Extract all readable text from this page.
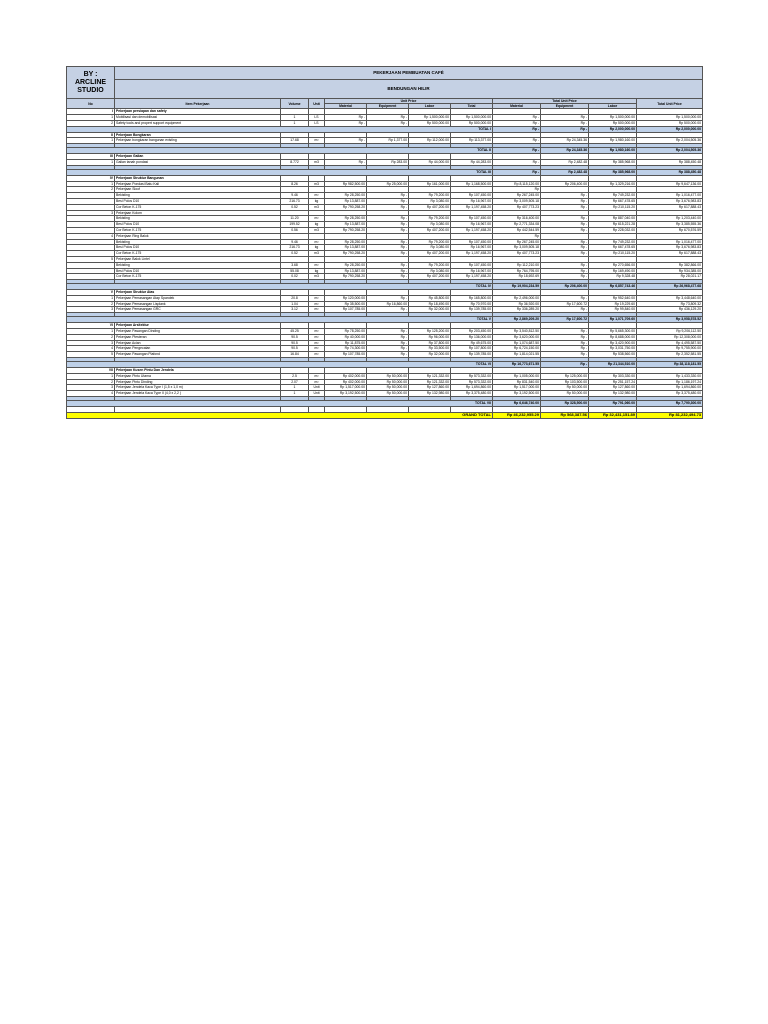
BY : ARCLINE STUDIO	PEKERJAAN PEMBUATAN CAFÉ										
	BENDUNGAN HILIR										
No	Item Pekerjaan	Volume	Unit	Unit Price				Total Unit Price			Total Unit Price
				Material	Equipment	Labor	Total	Material	Equipment	Labor	
I	Pekerjaan persiapan dan safety										
1	Mobilisasi dan demobilisasi	1	LS	Rp -	Rp -	Rp 1,500,000.00	Rp 1,500,000.00	Rp -	Rp -	Rp 1,500,000.00	Rp 1,500,000.00
2	Safety tools and propert support equipment	1	LS	Rp -	Rp -	Rp 500,000.00	Rp 500,000.00	Rp -	Rp -	Rp 500,000.00	Rp 500,000.00
TOTAL I								Rp -	Rp -	Rp 2,000,000.00	Rp 2,000,000.00
II	Pekerjaan Bongkaran										
1	Pekerjaan bongkaran bangunan existing	17.68	m²	Rp -	Rp 1,377.00	Rp 112,000.00	Rp 113,377.00	Rp -	Rp 24,345.36	Rp 1,980,160.00	Rp 2,004,505.36

TOTAL II								Rp -	Rp 24,345.36	Rp 1,980,160.00	Rp 2,004,505.36
III	Pekerjaan Galian										
1	Galian tanah pondasi	8.772	m3	Rp -	Rp 283.00	Rp 44,000.00	Rp 44,283.00	Rp -	Rp 2,482.48	Rp 385,968.00	Rp 388,450.48

TOTAL III								Rp -	Rp 2,482.48	Rp 385,968.00	Rp 388,450.48
IV	Pekerjaan Struktur Bangunan										
1	Pekerjaan Pondasi Batu Kali	8.26	m3	Rp 982,500.00	Rp 25,000.00	Rp 161,000.00	Rp 1,168,500.00	Rp 8,115,120.00	Rp 206,400.00	Rp 1,329,216.00	Rp 9,647,136.00
2	Pekerjaan Sloof							Rp			
	Bekisting	9.46	m²	Rp 28,250.00	Rp -	Rp 79,200.00	Rp 107,450.00	Rp 267,245.00	Rp -	Rp 749,232.00	Rp 1,016,477.00
	Besi Polos D10	216.73	kg	Rp 13,887.00	Rp -	Rp 3,080.00	Rp 16,967.00	Rp 3,009,505.18	Rp -	Rp 667,478.65	Rp 3,676,983.83
	Cor Beton K-175	0.52	m3	Rp 790,258.20	Rp -	Rp 407,200.00	Rp 1,197,458.20	Rp 407,773.23	Rp -	Rp 210,115.20	Rp 617,888.43
3	Pekerjaan Kolom										
	Bekisting	11.20	m²	Rp 28,250.00	Rp -	Rp 79,200.00	Rp 107,450.00	Rp 316,400.00	Rp -	Rp 887,040.00	Rp 1,203,440.00
	Besi Polos D10	199.52	kg	Rp 13,887.00	Rp -	Rp 3,080.00	Rp 16,967.00	Rp 2,771,334.08	Rp -	Rp 615,221.28	Rp 3,385,555.36
	Cor Beton K-175	0.56	m3	Rp 790,258.20	Rp -	Rp 407,200.00	Rp 1,197,458.20	Rp 442,544.59	Rp -	Rp 228,032.00	Rp 670,576.59
4	Pekerjaan Ring Balok							Rp			
	Bekisting	9.46	m²	Rp 28,250.00	Rp -	Rp 79,200.00	Rp 107,450.00	Rp 267,245.00	Rp -	Rp 749,232.00	Rp 1,016,477.00
	Besi Polos D10	216.73	kg	Rp 13,887.00	Rp -	Rp 3,080.00	Rp 16,967.00	Rp 3,009,505.18	Rp -	Rp 667,478.65	Rp 3,676,983.83
	Cor Beton K-175	0.52	m3	Rp 790,258.20	Rp -	Rp 407,200.00	Rp 1,197,458.20	Rp 407,773.23	Rp -	Rp 210,115.20	Rp 617,888.43
5	Pekerjaan Balok Lintel										
	Bekisting	3.68	m²	Rp 28,250.00	Rp -	Rp 79,200.00	Rp 107,450.00	Rp 112,210.00	Rp -	Rp 270,656.00	Rp 382,866.00
	Besi Polos D10	55.08	kg	Rp 13,887.00	Rp -	Rp 3,080.00	Rp 16,967.00	Rp 764,795.00	Rp -	Rp 169,490.00	Rp 934,385.00
	Cor Beton K-175	0.02	m3	Rp 790,258.20	Rp -	Rp 407,200.00	Rp 1,197,458.20	Rp 18,692.69	Rp -	Rp 9,328.48	Rp 28,021.17

TOTAL IV								Rp 19,904,234.59	Rp 206,400.00	Rp 6,857,743.46	Rp 26,968,477.68
V	Pekerjaan Struktur Atas										
1	Pekerjaan Pemasangan Atap Spandek	20.8	m²	Rp 120,000.00	Rp -	Rp 45,800.00	Rp 165,800.00	Rp 2,496,000.00	Rp -	Rp 952,640.00	Rp 3,448,640.00
2	Pekerjaan Pemasangan Lisplank	1.04	m²	Rp 35,500.00	Rp 16,860.00	Rp 18,490.00	Rp 70,970.00	Rp 36,920.00	Rp 17,600.72	Rp 19,229.60	Rp 73,809.32
3	Pekerjaan Pemasangan GRC	3.12	m²	Rp 107,785.00	Rp -	Rp 32,000.00	Rp 139,785.00	Rp 336,289.20	Rp -	Rp 99,840.00	Rp 436,129.20

TOTAL V								Rp 2,869,209.20	Rp 17,600.72	Rp 1,071,709.60	Rp 3,958,578.52
VI	Pekerjaan Arsitektur										
1	Pekerjaan Pasangan Dinding	45.25	m²	Rp 78,250.00	Rp -	Rp 125,200.00	Rp 203,450.00	Rp 3,540,812.50	Rp -	Rp 5,665,300.00	Rp 9,206,112.50
2	Pekerjaan Plesteran	90.5	m²	Rp 40,000.00	Rp -	Rp 96,000.00	Rp 136,000.00	Rp 3,620,000.00	Rp -	Rp 8,688,000.00	Rp 12,308,000.00
3	Pekerjaan Acian	90.5	m²	Rp 11,875.00	Rp -	Rp 37,800.00	Rp 49,675.00	Rp 1,074,687.50	Rp -	Rp 3,420,900.00	Rp 4,495,587.50
4	Pekerjaan Pengecatan	90.5	m²	Rp 74,300.00	Rp -	Rp 33,500.00	Rp 107,800.00	Rp 6,724,150.00	Rp -	Rp 3,031,750.00	Rp 9,755,900.00
5	Pekerjaan Pasangan Plafond	16.84	m²	Rp 107,785.00	Rp -	Rp 32,000.00	Rp 139,785.00	Rp 1,814,021.55	Rp -	Rp 538,560.00	Rp 2,352,581.55

TOTAL VI								Rp 16,773,671.55	Rp -	Rp 21,344,510.00	Rp 38,118,181.55
VII	Pekerjaan Kusen Pintu Dan Jendela										
1	Pekerjaan Pintu Utama	2.5	m²	Rp 402,000.00	Rp 50,000.00	Rp 121,332.00	Rp 573,332.00	Rp 1,005,000.00	Rp 125,000.00	Rp 303,330.00	Rp 1,433,330.00
2	Pekerjaan Pintu Dinding	2.07	m²	Rp 402,000.00	Rp 50,000.00	Rp 121,332.00	Rp 573,332.00	Rp 831,540.00	Rp 103,500.00	Rp 251,157.24	Rp 1,186,197.24
3	Pekerjaan Jendela Kaca Type I (1,5 x 1,0 m)	1	Unit	Rp 1,517,000.00	Rp 50,000.00	Rp 127,860.00	Rp 1,694,860.00	Rp 1,517,000.00	Rp 50,000.00	Rp 127,860.00	Rp 1,694,860.00
4	Pekerjaan Jendela Kaca Type II (4,0 x 2,2 )	1	Unit	Rp 3,192,500.00	Rp 50,000.00	Rp 132,980.00	Rp 3,375,480.00	Rp 3,192,500.00	Rp 50,000.00	Rp 132,980.00	Rp 3,375,480.00

TOTAL VII								Rp 6,646,740.00	Rp 328,500.00	Rp 791,060.00	Rp 7,790,300.00

GRAND TOTAL								Rp 46,232,955.29	Rp 568,387.56	Rp 32,431,151.89	Rp 81,232,494.73
